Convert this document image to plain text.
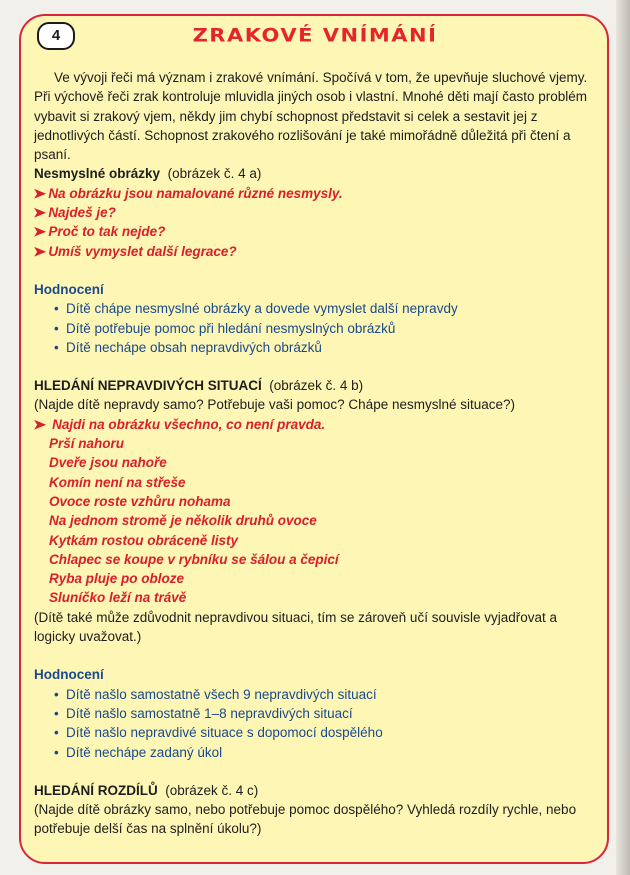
4	ZRAKOVÉ VNÍMÁNÍ

Ve vývoji řeči má význam i zrakové vnímání. Spočívá v tom, že upevňuje sluchové vjemy. Při výchově řeči zrak kontroluje mluvidla jiných osob i vlastní. Mnohé děti mají často problém vybavit si zrakový vjem, někdy jim chybí schopnost představit si celek a sestavit jej z jednotlivých částí. Schopnost zrakového rozlišování je také mimořádně důležitá při čtení a psaní.

Nesmyslné obrázky (obrázek č. 4 a)

➤ Na obrázku jsou namalované různé nesmysly.

➤ Najdeš je?

➤ Proč to tak nejde?

➤ Umíš vymyslet další legrace?

Hodnocení

• Dítě chápe nesmyslné obrázky a dovede vymyslet další nepravdy
• Dítě potřebuje pomoc při hledání nesmyslných obrázků
• Dítě nechápe obsah nepravdivých obrázků

HLEDÁNÍ NEPRAVDIVÝCH SITUACÍ (obrázek č. 4 b)

(Najde dítě nepravdy samo? Potřebuje vaši pomoc? Chápe nesmyslné situace?)

➤ Najdi na obrázku všechno, co není pravda.

Prší nahoru
Dveře jsou nahoře
Komín není na střeše
Ovoce roste vzhůru nohama
Na jednom stromě je několik druhů ovoce
Kytkám rostou obráceně listy
Chlapec se koupe v rybníku se šálou a čepicí
Ryba pluje po obloze
Sluníčko leží na trávě

(Dítě také může zdůvodnit nepravdivou situaci, tím se zároveň učí souvisle vyjadřovat a logicky uvažovat.)

Hodnocení

• Dítě našlo samostatně všech 9 nepravdivých situací
• Dítě našlo samostatně 1–8 nepravdivých situací
• Dítě našlo nepravdivé situace s dopomocí dospělého
• Dítě nechápe zadaný úkol

HLEDÁNÍ ROZDÍLŮ (obrázek č. 4 c)

(Najde dítě obrázky samo, nebo potřebuje pomoc dospělého? Vyhledá rozdíly rychle, nebo potřebuje delší čas na splnění úkolu?)
